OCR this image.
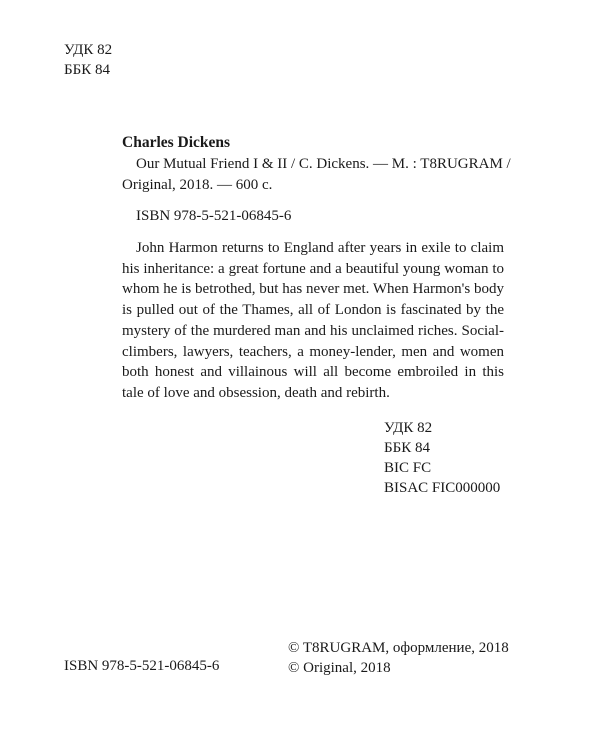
УДК 82
ББК 84
Charles Dickens
Our Mutual Friend I & II / C. Dickens. — M. : T8RUGRAM /
Original, 2018. — 600 c.
ISBN 978-5-521-06845-6

John Harmon returns to England after years in exile to claim his inheritance: a great fortune and a beautiful young woman to whom he is betrothed, but has never met. When Harmon's body is pulled out of the Thames, all of London is fascinated by the mystery of the murdered man and his unclaimed riches. Social-climbers, lawyers, teachers, a money-lender, men and women both honest and villainous will all become embroiled in this tale of love and obsession, death and rebirth.

УДК 82
ББК 84
BIC FC
BISAC FIC000000
© T8RUGRAM, оформление, 2018
© Original, 2018
ISBN 978-5-521-06845-6
